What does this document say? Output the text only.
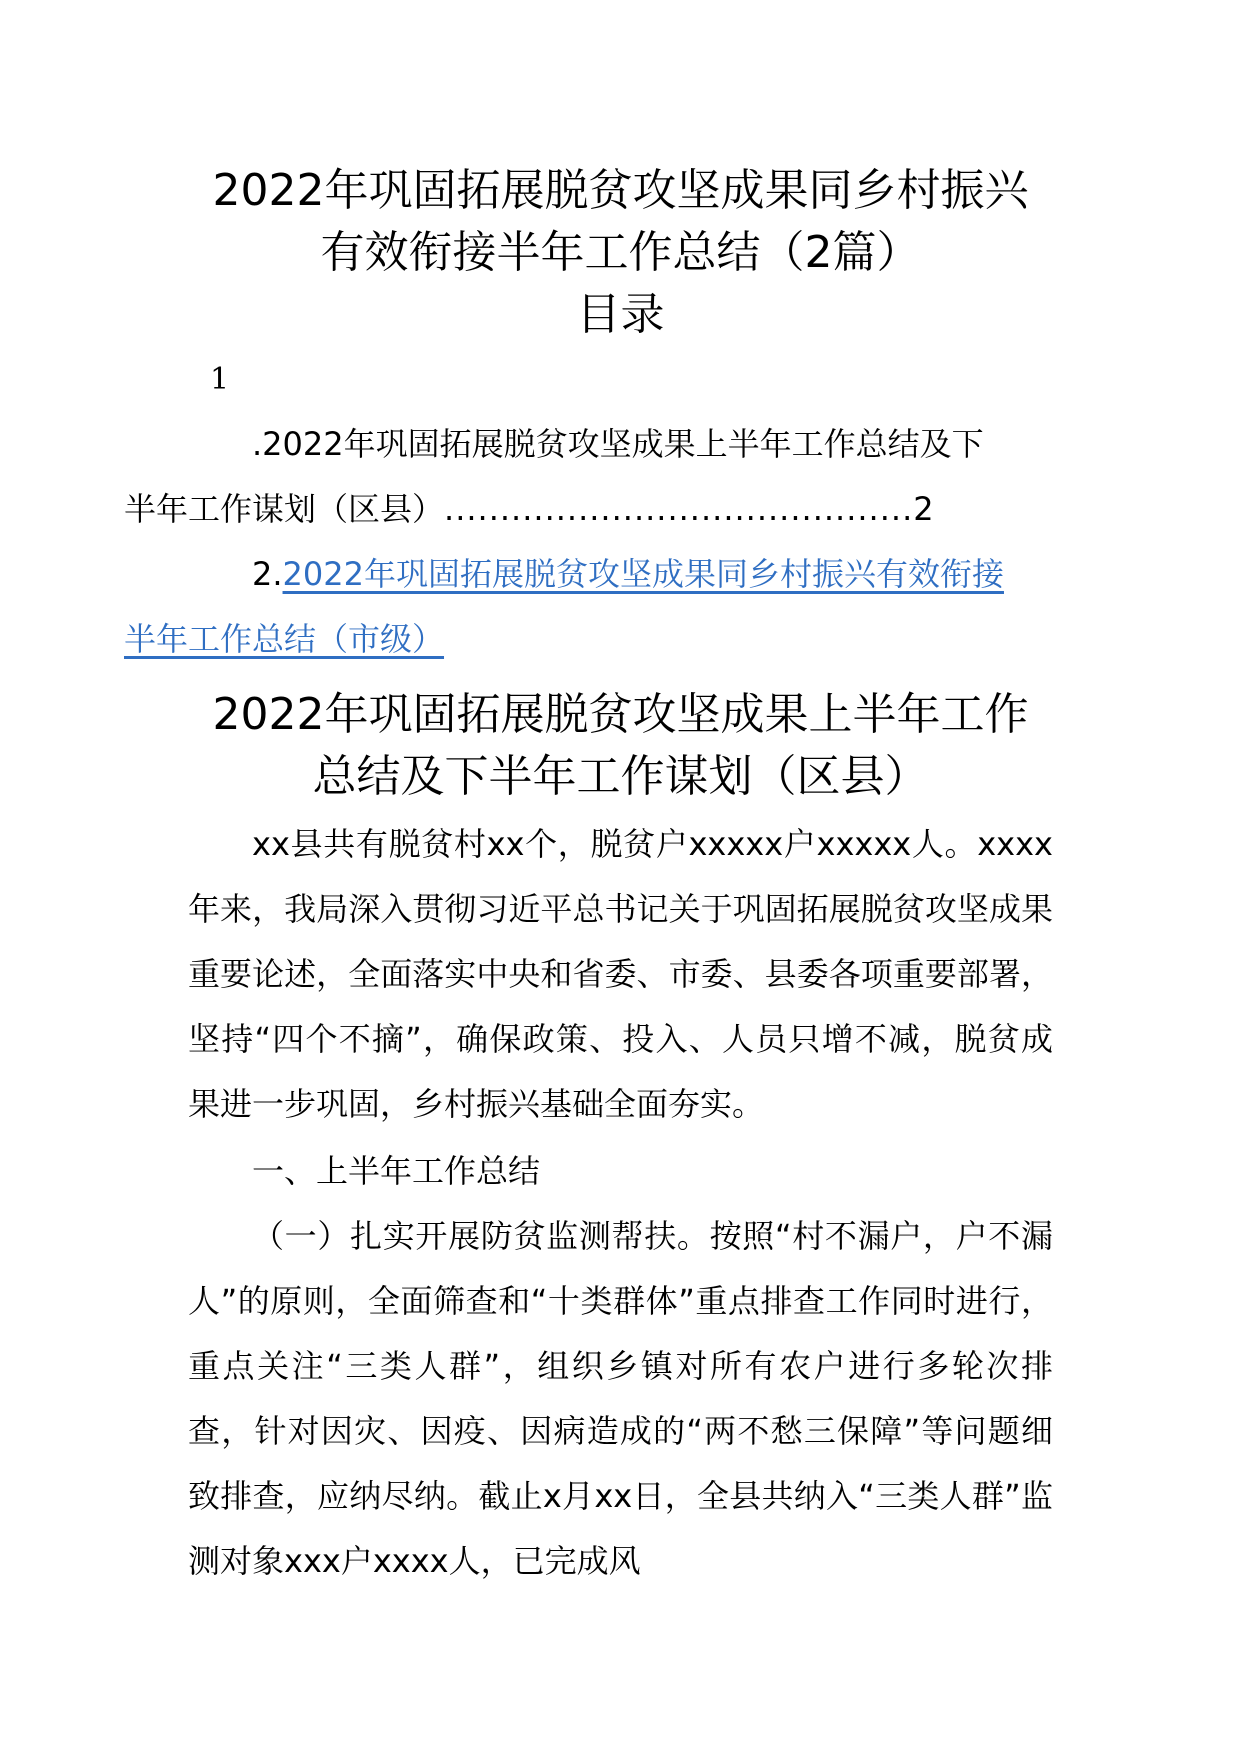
2022年巩固拓展脱贫攻坚成果同乡村振兴
有效衔接半年工作总结（2篇）
目录
1
.2022年巩固拓展脱贫攻坚成果上半年工作总结及下
半年工作谋划（区县）..........................................2
2.2022年巩固拓展脱贫攻坚成果同乡村振兴有效衔接
半年工作总结（市级）
2022年巩固拓展脱贫攻坚成果上半年工作
总结及下半年工作谋划（区县）

xx县共有脱贫村xx个，脱贫户xxxxx户xxxxx人。xxxx年来，我局深入贯彻习近平总书记关于巩固拓展脱贫攻坚成果重要论述，全面落实中央和省委、市委、县委各项重要部署，坚持“四个不摘”，确保政策、投入、人员只增不减，脱贫成果进一步巩固，乡村振兴基础全面夯实。

一、上半年工作总结

（一）扎实开展防贫监测帮扶。按照“村不漏户，户不漏人”的原则，全面筛查和“十类群体”重点排查工作同时进行，重点关注“三类人群”，组织乡镇对所有农户进行多轮次排查，针对因灾、因疫、因病造成的“两不愁三保障”等问题细致排查，应纳尽纳。截止x月xx日，全县共纳入“三类人群”监测对象xxx户xxxx人，已完成风
